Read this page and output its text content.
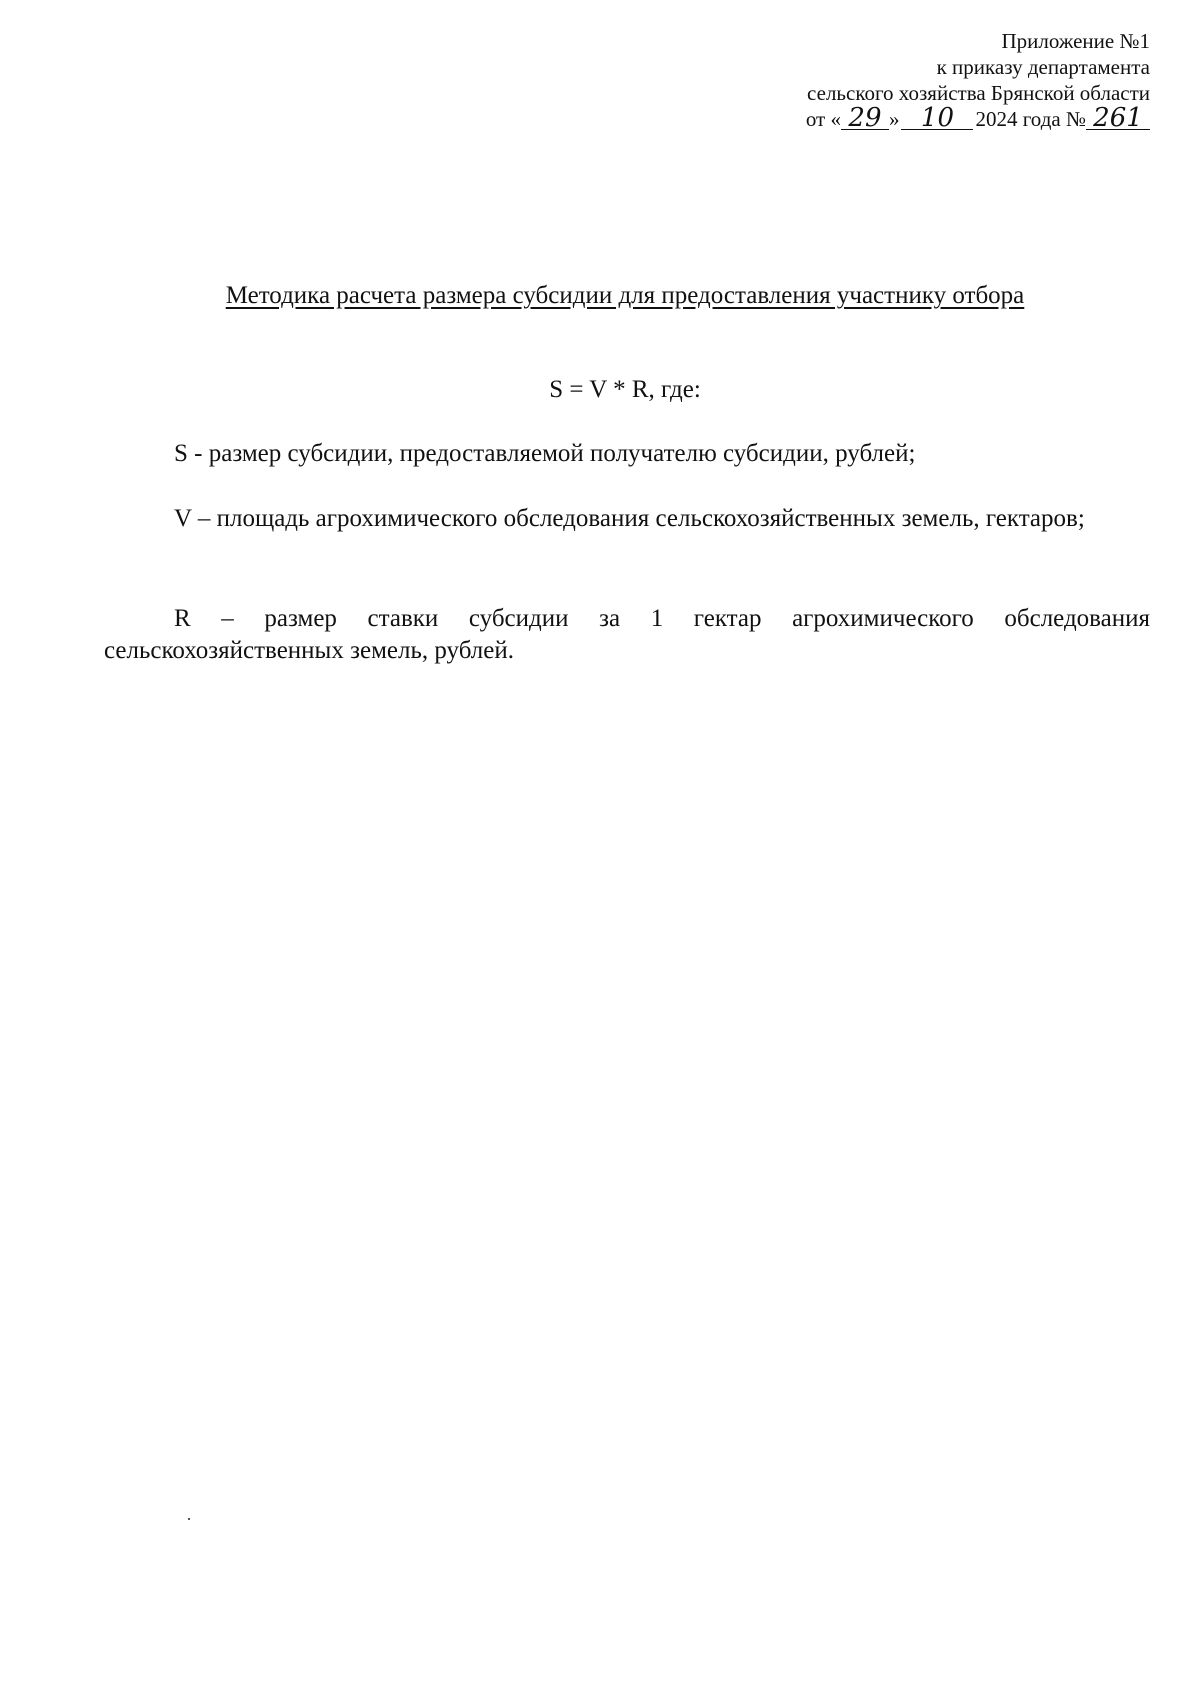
Приложение №1
к приказу департамента
сельского хозяйства Брянской области
от « 29 » 10 2024 года № 261
Методика расчета размера субсидии для предоставления участнику отбора
S = V * R, где:
S - размер субсидии, предоставляемой получателю субсидии, рублей;
V – площадь агрохимического обследования сельскохозяйственных земель, гектаров;
R – размер ставки субсидии за 1 гектар агрохимического обследования сельскохозяйственных земель, рублей.
